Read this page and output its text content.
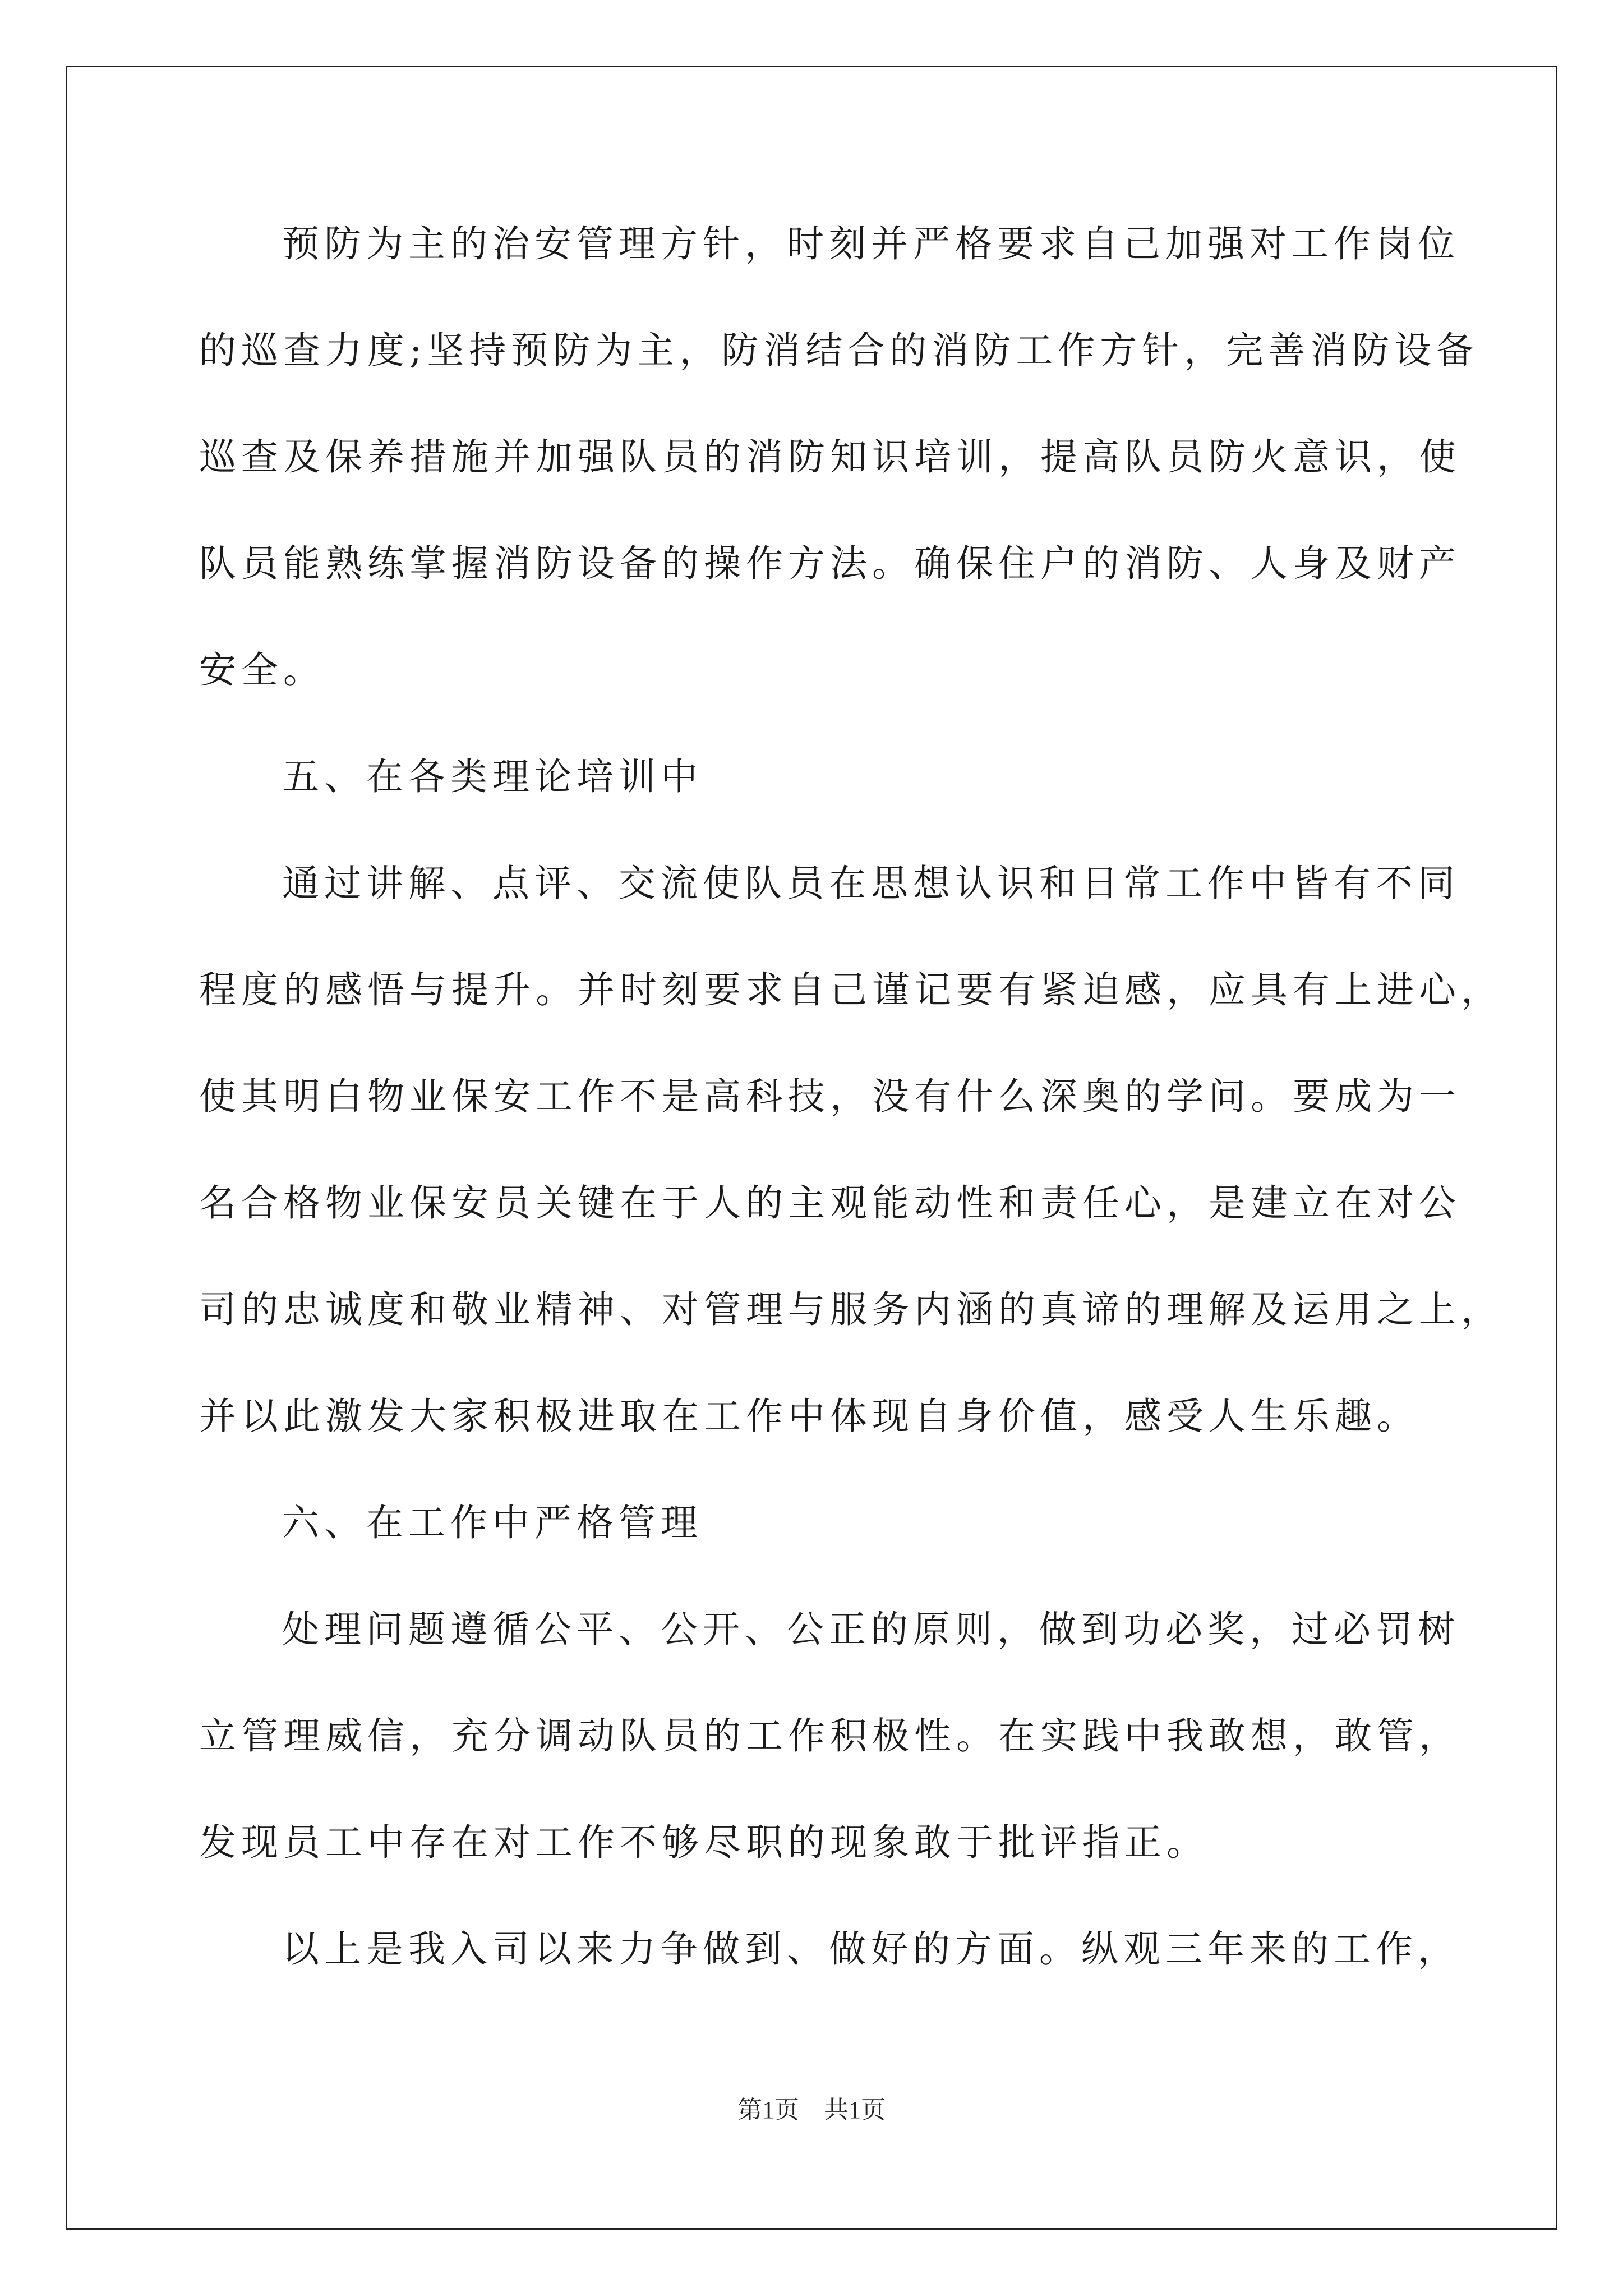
预防为主的治安管理方针，时刻并严格要求自己加强对工作岗位
的巡查力度;坚持预防为主，防消结合的消防工作方针，完善消防设备
巡查及保养措施并加强队员的消防知识培训，提高队员防火意识，使
队员能熟练掌握消防设备的操作方法。确保住户的消防、人身及财产
安全。
五、在各类理论培训中
通过讲解、点评、交流使队员在思想认识和日常工作中皆有不同
程度的感悟与提升。并时刻要求自己谨记要有紧迫感，应具有上进心，
使其明白物业保安工作不是高科技，没有什么深奥的学问。要成为一
名合格物业保安员关键在于人的主观能动性和责任心，是建立在对公
司的忠诚度和敬业精神、对管理与服务内涵的真谛的理解及运用之上，
并以此激发大家积极进取在工作中体现自身价值，感受人生乐趣。
六、在工作中严格管理
处理问题遵循公平、公开、公正的原则，做到功必奖，过必罚树
立管理威信，充分调动队员的工作积极性。在实践中我敢想，敢管，
发现员工中存在对工作不够尽职的现象敢于批评指正。
以上是我入司以来力争做到、做好的方面。纵观三年来的工作，
第1页　共1页
